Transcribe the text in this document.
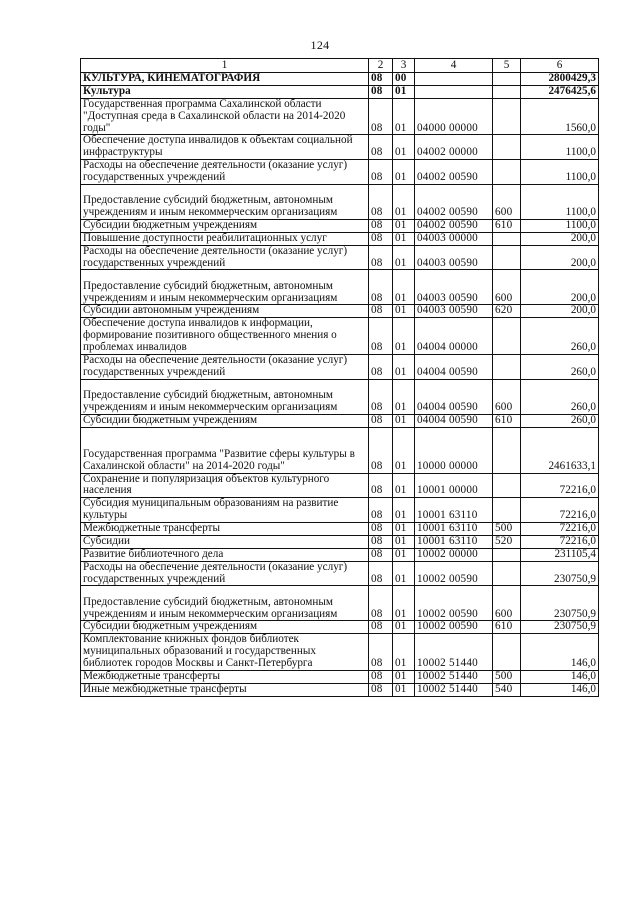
124
1	2	3	4	5	6
КУЛЬТУРА, КИНЕМАТОГРАФИЯ	08	00			2800429,3
Культура	08	01			2476425,6
Государственная программа Сахалинской области "Доступная среда в Сахалинской области на 2014-2020 годы"	08	01	04000 00000		1560,0
Обеспечение доступа инвалидов к объектам социальной инфраструктуры	08	01	04002 00000		1100,0
Расходы на обеспечение деятельности (оказание услуг) государственных учреждений	08	01	04002 00590		1100,0
Предоставление субсидий бюджетным, автономным учреждениям и иным некоммерческим организациям	08	01	04002 00590	600	1100,0
Субсидии бюджетным учреждениям	08	01	04002 00590	610	1100,0
Повышение доступности реабилитационных услуг	08	01	04003 00000		200,0
Расходы на обеспечение деятельности (оказание услуг) государственных учреждений	08	01	04003 00590		200,0
Предоставление субсидий бюджетным, автономным учреждениям и иным некоммерческим организациям	08	01	04003 00590	600	200,0
Субсидии автономным учреждениям	08	01	04003 00590	620	200,0
Обеспечение доступа инвалидов к информации, формирование позитивного общественного мнения о проблемах инвалидов	08	01	04004 00000		260,0
Расходы на обеспечение деятельности (оказание услуг) государственных учреждений	08	01	04004 00590		260,0
Предоставление субсидий бюджетным, автономным учреждениям и иным некоммерческим организациям	08	01	04004 00590	600	260,0
Субсидии бюджетным учреждениям	08	01	04004 00590	610	260,0
Государственная программа "Развитие сферы культуры в Сахалинской области" на 2014-2020 годы"	08	01	10000 00000		2461633,1
Сохранение и популяризация объектов культурного населения	08	01	10001 00000		72216,0
Субсидия муниципальным образованиям на развитие культуры	08	01	10001 63110		72216,0
Межбюджетные трансферты	08	01	10001 63110	500	72216,0
Субсидии	08	01	10001 63110	520	72216,0
Развитие библиотечного дела	08	01	10002 00000		231105,4
Расходы на обеспечение деятельности (оказание услуг) государственных учреждений	08	01	10002 00590		230750,9
Предоставление субсидий бюджетным, автономным учреждениям и иным некоммерческим организациям	08	01	10002 00590	600	230750,9
Субсидии бюджетным учреждениям	08	01	10002 00590	610	230750,9
Комплектование книжных фондов библиотек муниципальных образований и государственных библиотек городов Москвы и Санкт-Петербурга	08	01	10002 51440		146,0
Межбюджетные трансферты	08	01	10002 51440	500	146,0
Иные межбюджетные трансферты	08	01	10002 51440	540	146,0
